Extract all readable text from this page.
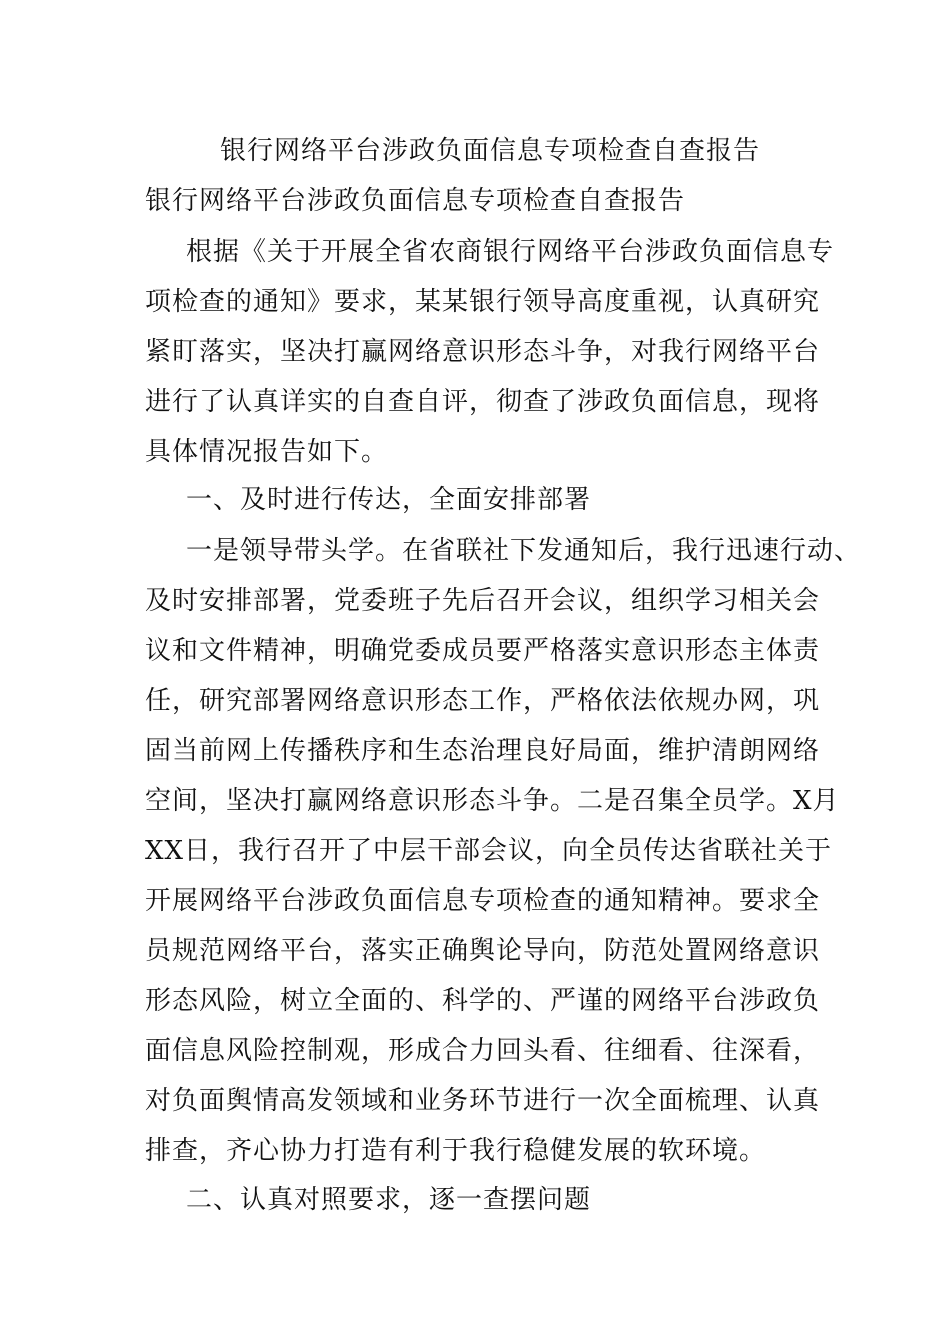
银行网络平台涉政负面信息专项检查自查报告
银行网络平台涉政负面信息专项检查自查报告
根据《关于开展全省农商银行网络平台涉政负面信息专
项检查的通知》要求，某某银行领导高度重视，认真研究
紧盯落实，坚决打赢网络意识形态斗争，对我行网络平台
进行了认真详实的自查自评，彻查了涉政负面信息，现将
具体情况报告如下。
一、及时进行传达，全面安排部署
一是领导带头学。在省联社下发通知后，我行迅速行动、
及时安排部署，党委班子先后召开会议，组织学习相关会
议和文件精神，明确党委成员要严格落实意识形态主体责
任，研究部署网络意识形态工作，严格依法依规办网，巩
固当前网上传播秩序和生态治理良好局面，维护清朗网络
空间，坚决打赢网络意识形态斗争。二是召集全员学。X月
XX日，我行召开了中层干部会议，向全员传达省联社关于
开展网络平台涉政负面信息专项检查的通知精神。要求全
员规范网络平台，落实正确舆论导向，防范处置网络意识
形态风险，树立全面的、科学的、严谨的网络平台涉政负
面信息风险控制观，形成合力回头看、往细看、往深看，
对负面舆情高发领域和业务环节进行一次全面梳理、认真
排查，齐心协力打造有利于我行稳健发展的软环境。
二、认真对照要求，逐一查摆问题
